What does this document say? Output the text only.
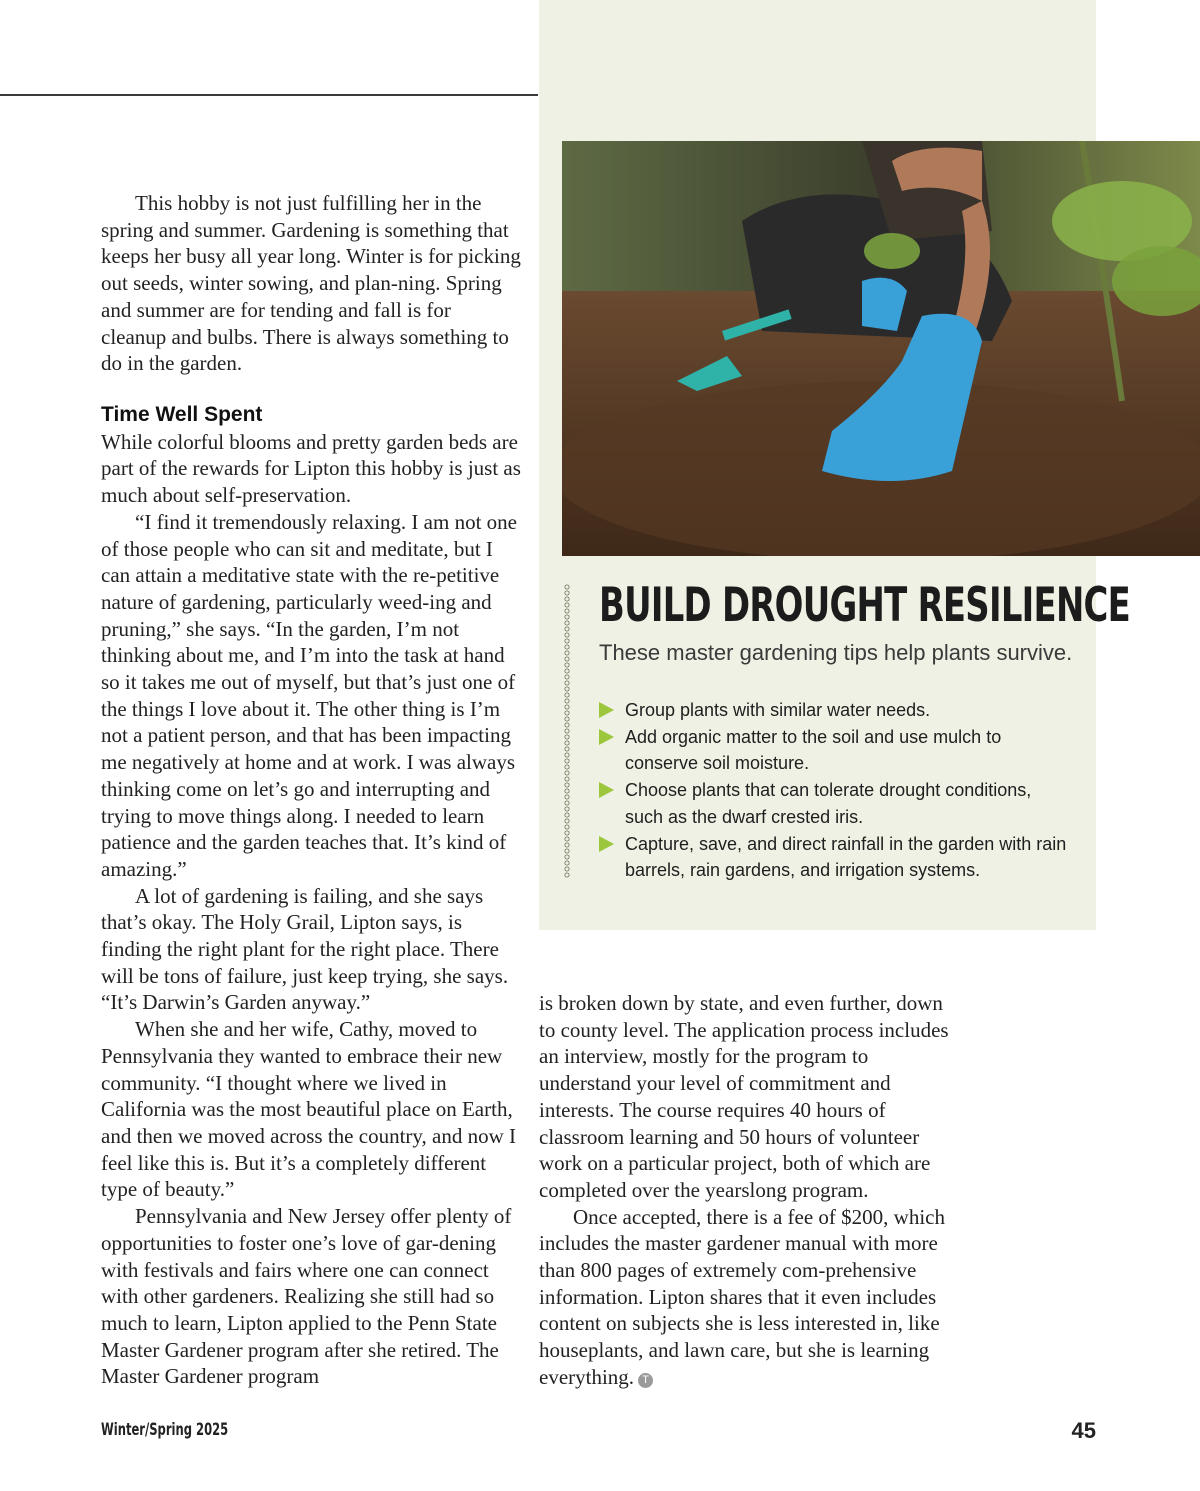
BUILD DROUGHT RESILIENCE

These master gardening tips help plants survive.

Group plants with similar water needs.
Add organic matter to the soil and use mulch to conserve soil moisture.
Choose plants that can tolerate drought conditions, such as the dwarf crested iris.
Capture, save, and direct rainfall in the garden with rain barrels, rain gardens, and irrigation systems.

This hobby is not just fulfilling her in the spring and summer. Gardening is something that keeps her busy all year long. Winter is for picking out seeds, winter sowing, and plan-ning. Spring and summer are for tending and fall is for cleanup and bulbs. There is always something to do in the garden.

Time Well Spent

While colorful blooms and pretty garden beds are part of the rewards for Lipton this hobby is just as much about self-preservation.

“I find it tremendously relaxing. I am not one of those people who can sit and meditate, but I can attain a meditative state with the re-petitive nature of gardening, particularly weed-ing and pruning,” she says. “In the garden, I’m not thinking about me, and I’m into the task at hand so it takes me out of myself, but that’s just one of the things I love about it. The other thing is I’m not a patient person, and that has been impacting me negatively at home and at work. I was always thinking come on let’s go and interrupting and trying to move things along. I needed to learn patience and the garden teaches that. It’s kind of amazing.”

A lot of gardening is failing, and she says that’s okay. The Holy Grail, Lipton says, is finding the right plant for the right place. There will be tons of failure, just keep trying, she says. “It’s Darwin’s Garden anyway.”

When she and her wife, Cathy, moved to Pennsylvania they wanted to embrace their new community. “I thought where we lived in California was the most beautiful place on Earth, and then we moved across the country, and now I feel like this is. But it’s a completely different type of beauty.”

Pennsylvania and New Jersey offer plenty of opportunities to foster one’s love of gar-dening with festivals and fairs where one can connect with other gardeners. Realizing she still had so much to learn, Lipton applied to the Penn State Master Gardener program after she retired. The Master Gardener program

is broken down by state, and even further, down to county level. The application process includes an interview, mostly for the program to understand your level of commitment and interests. The course requires 40 hours of classroom learning and 50 hours of volunteer work on a particular project, both of which are completed over the yearslong program.

Once accepted, there is a fee of $200, which includes the master gardener manual with more than 800 pages of extremely com-prehensive information. Lipton shares that it even includes content on subjects she is less interested in, like houseplants, and lawn care, but she is learning everything. T

Winter/Spring 2025	45
